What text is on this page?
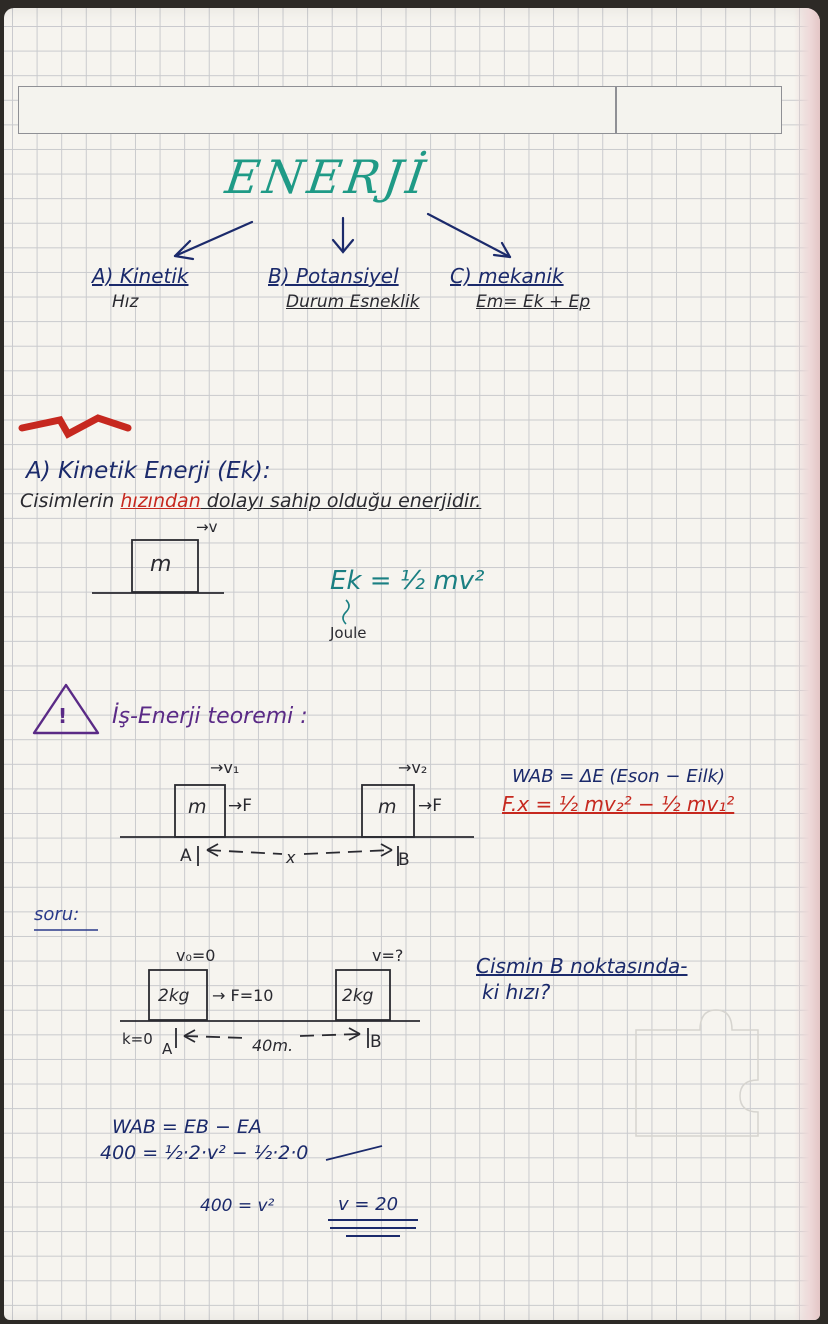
ENERJİ
A) Kinetik
Hız
B) Potansiyel
Durum Esneklik
C) mekanik
Em= Ek + Ep
A) Kinetik Enerji (Ek):
Cisimlerin hızından dolayı sahip olduğu enerjidir.
→v
m
Ek = ½ mv²
Joule
! İş-Enerji teoremi :
→v₁	→v₂
m →F	m →F
A	x	B
WAB = ΔE (Eson − Eilk)
F.x = ½ mv₂² − ½ mv₁²
soru:
v₀=0	v=?
2kg → F=10	2kg
k=0
A	40m.	B
Cismin B noktasında-
ki hızı?
WAB = EB − EA
400 = ½·2·v² − ½·2·0
400 = v²	v = 20
